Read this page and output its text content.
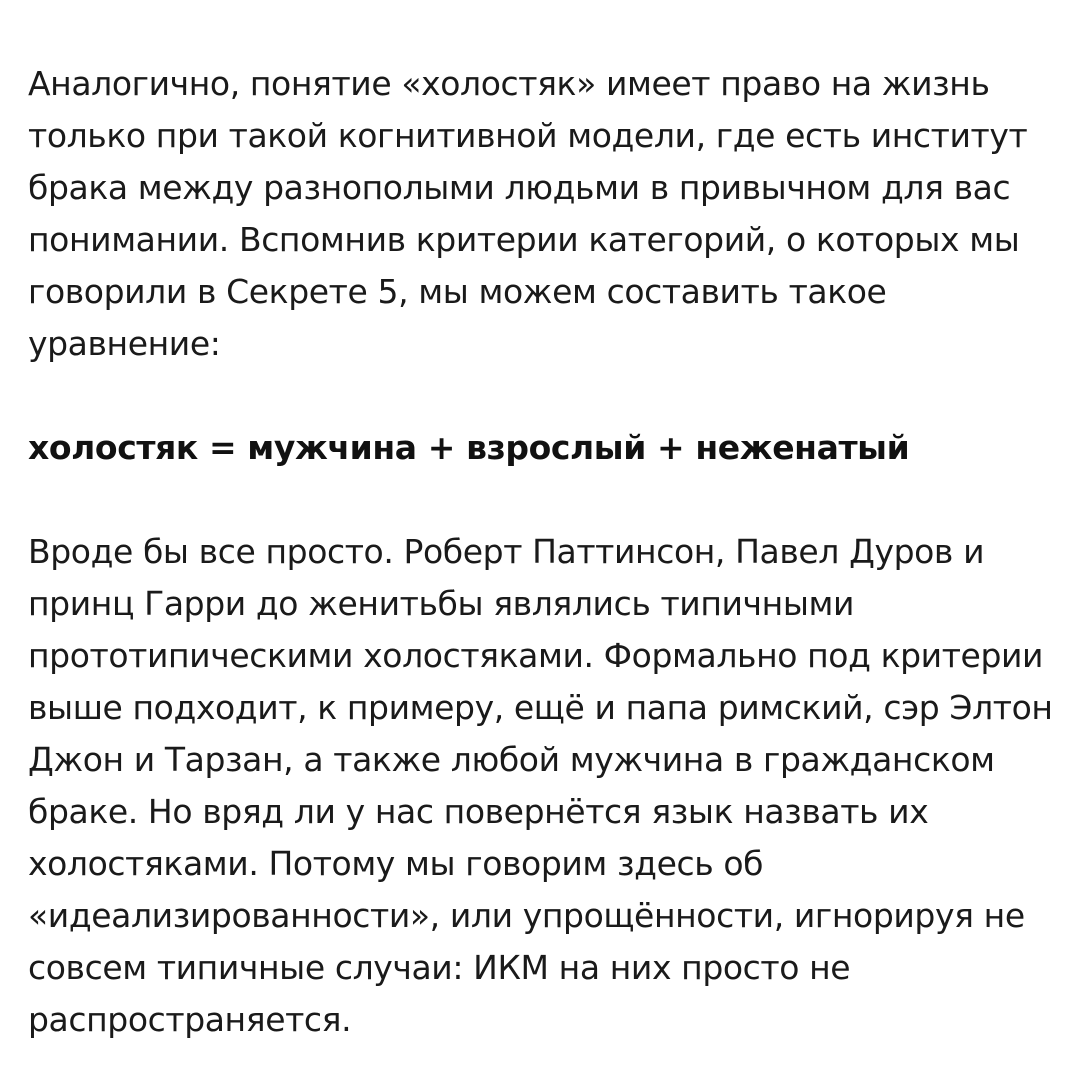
Аналогично, понятие «холостяк» имеет право на жизнь только при такой когнитивной модели, где есть институт брака между разнополыми людьми в привычном для вас понимании. Вспомнив критерии категорий, о которых мы говорили в Секрете 5, мы можем составить такое уравнение:

холостяк = мужчина + взрослый + неженатый

Вроде бы все просто. Роберт Паттинсон, Павел Дуров и принц Гарри до женитьбы являлись типичными прототипическими холостяками. Формально под критерии выше подходит, к примеру, ещё и папа римский, сэр Элтон Джон и Тарзан, а также любой мужчина в гражданском браке. Но вряд ли у нас повернётся язык назвать их холостяками. Потому мы говорим здесь об «идеализированности», или упрощённости, игнорируя не совсем типичные случаи: ИКМ на них просто не распространяется.
